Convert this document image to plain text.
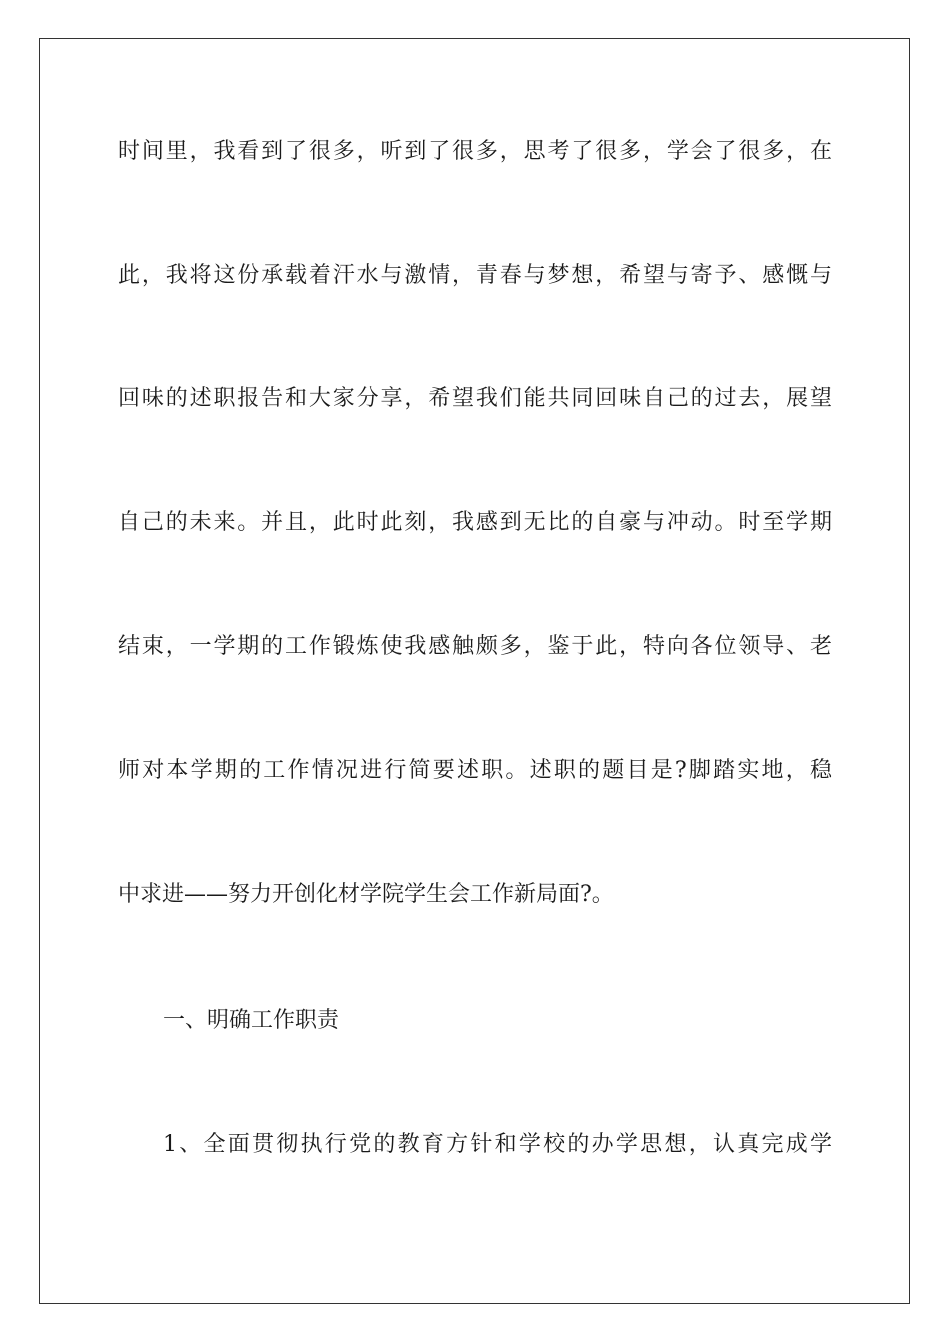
时间里，我看到了很多，听到了很多，思考了很多，学会了很多，在
此，我将这份承载着汗水与激情，青春与梦想，希望与寄予、感慨与
回味的述职报告和大家分享，希望我们能共同回味自己的过去，展望
自己的未来。并且，此时此刻，我感到无比的自豪与冲动。时至学期
结束，一学期的工作锻炼使我感触颇多，鉴于此，特向各位领导、老
师对本学期的工作情况进行简要述职。述职的题目是?脚踏实地，稳
中求进——努力开创化材学院学生会工作新局面?。
一、明确工作职责
1、全面贯彻执行党的教育方针和学校的办学思想，认真完成学
